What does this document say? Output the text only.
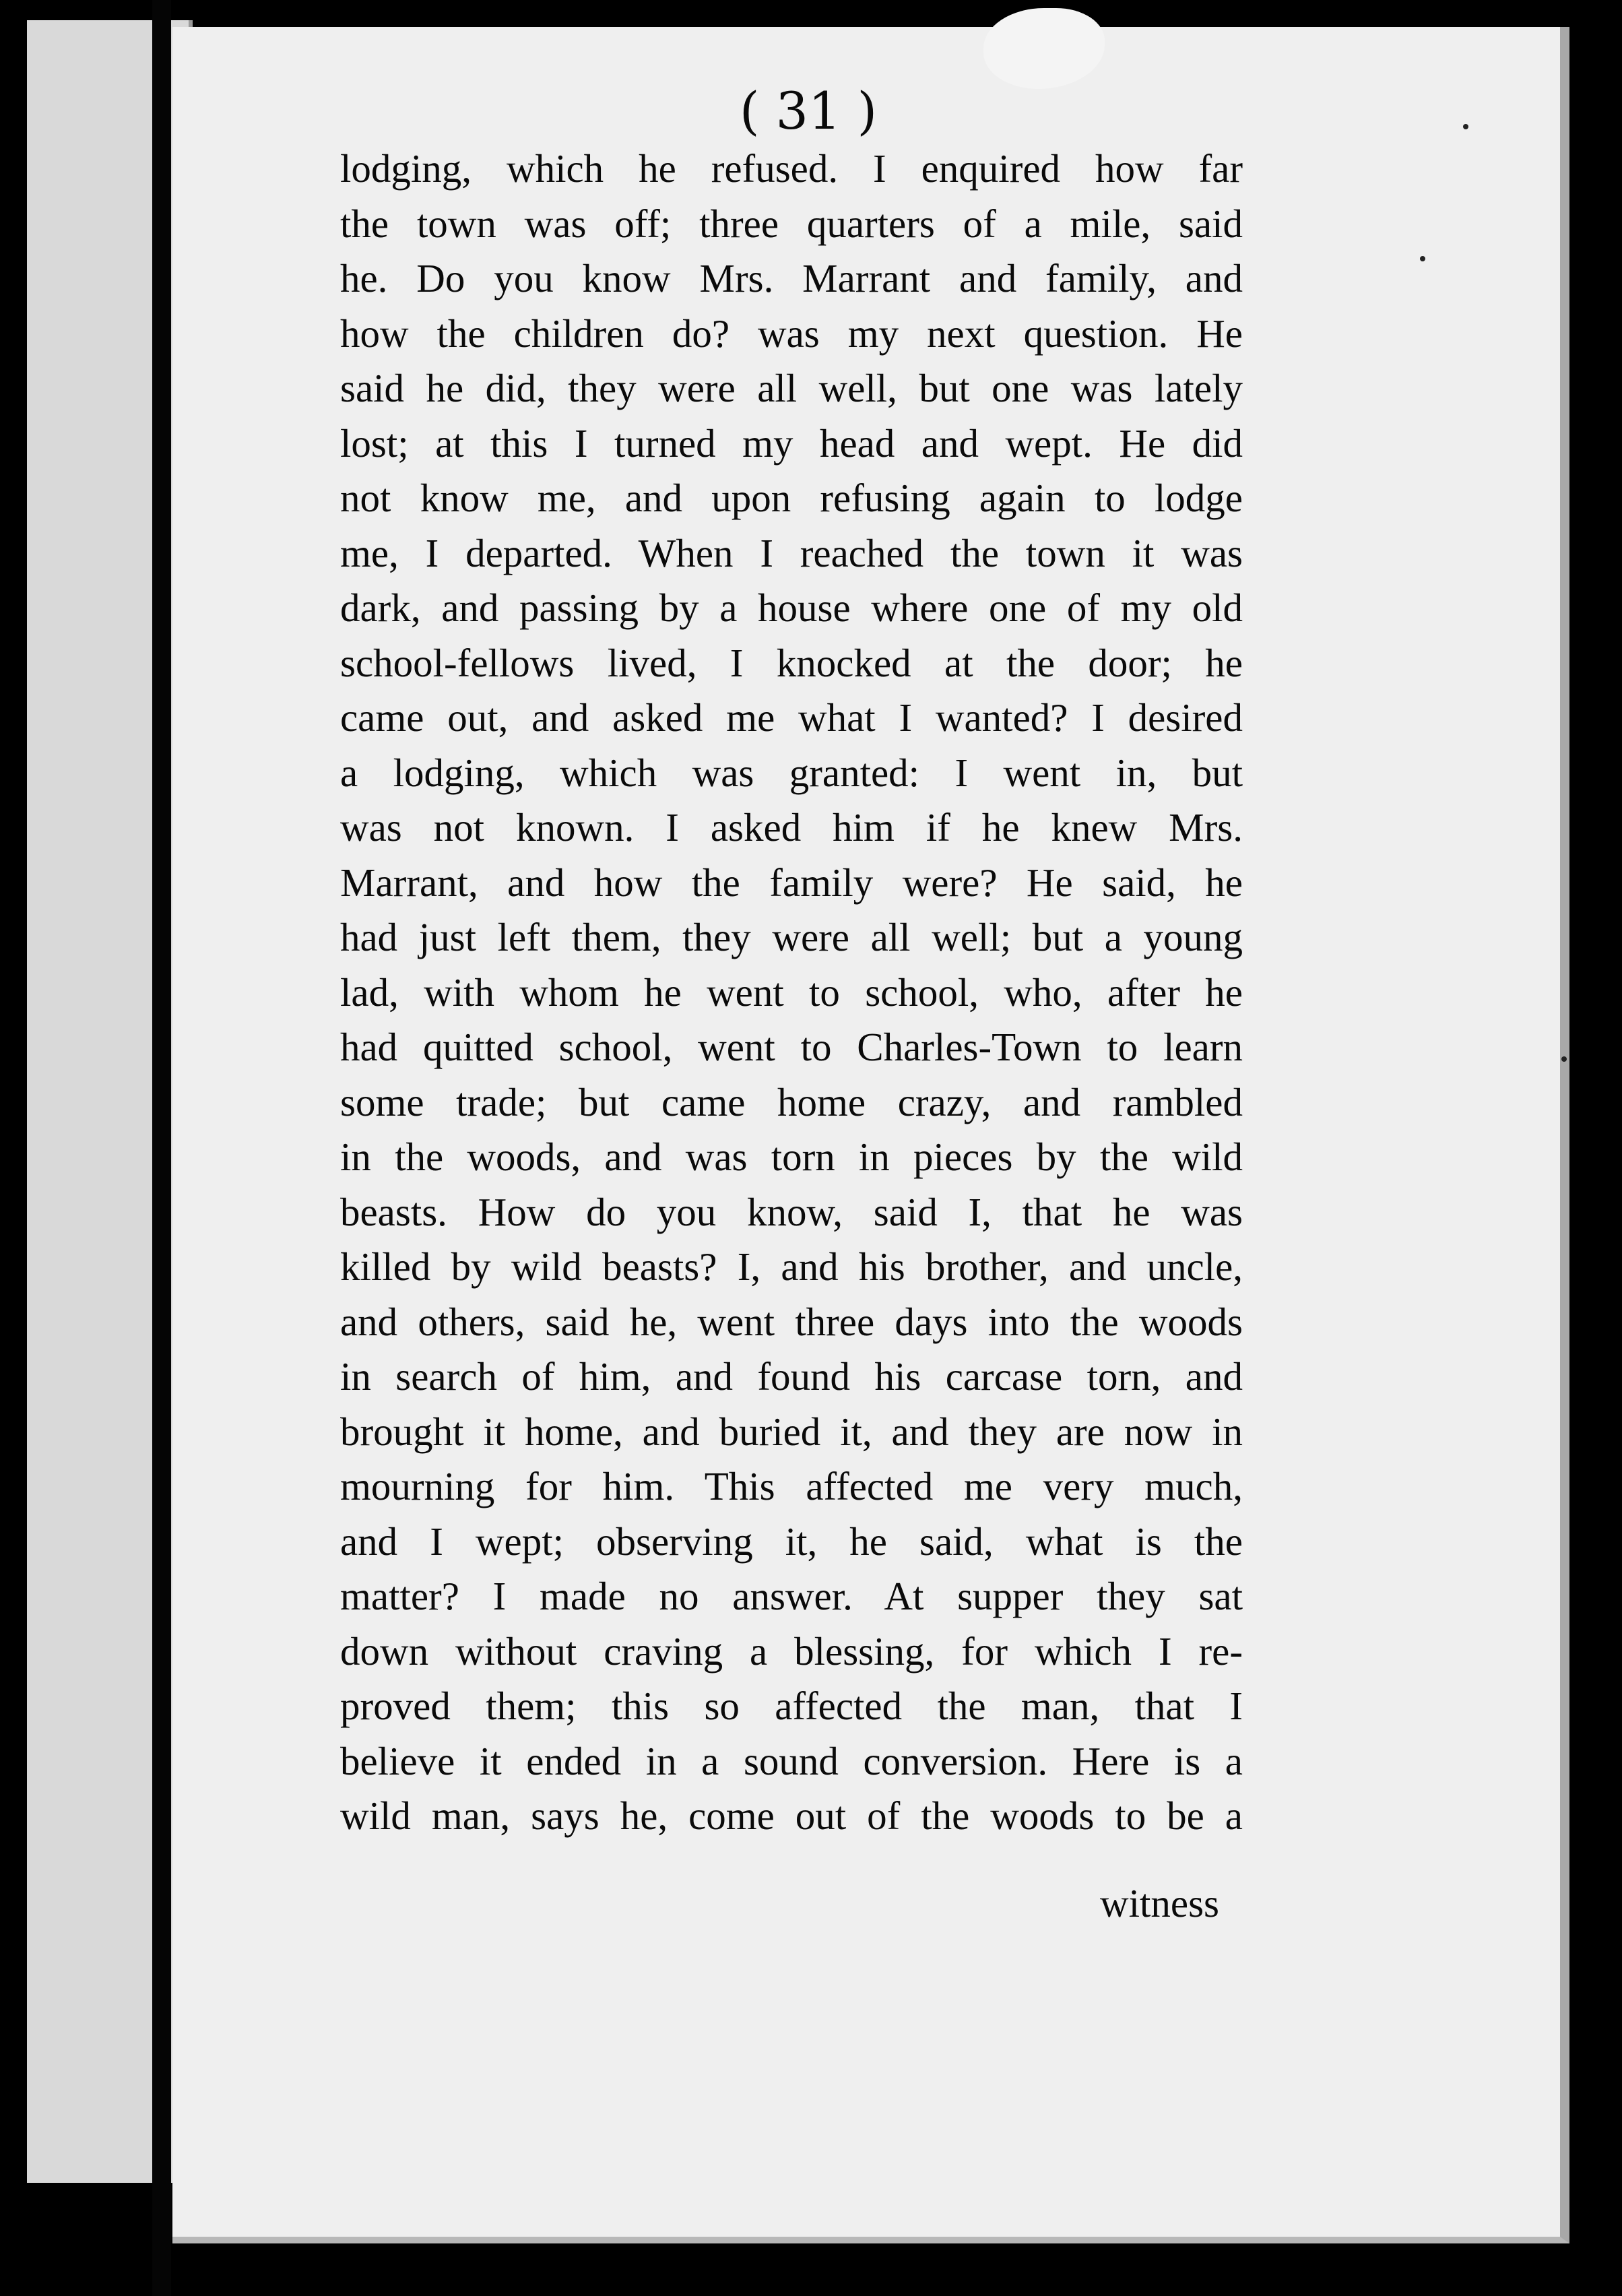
( 31 )
lodging, which he refused. I enquired how far
the town was off; three quarters of a mile, said
he. Do you know Mrs. Marrant and family, and
how the children do? was my next question. He
said he did, they were all well, but one was lately
lost; at this I turned my head and wept. He did
not know me, and upon refusing again to lodge
me, I departed. When I reached the town it was
dark, and passing by a house where one of my old
school-fellows lived, I knocked at the door; he
came out, and asked me what I wanted? I desired
a lodging, which was granted: I went in, but
was not known. I asked him if he knew Mrs.
Marrant, and how the family were? He said, he
had just left them, they were all well; but a young
lad, with whom he went to school, who, after he
had quitted school, went to Charles-Town to learn
some trade; but came home crazy, and rambled
in the woods, and was torn in pieces by the wild
beasts. How do you know, said I, that he was
killed by wild beasts? I, and his brother, and uncle,
and others, said he, went three days into the woods
in search of him, and found his carcase torn, and
brought it home, and buried it, and they are now in
mourning for him. This affected me very much,
and I wept; observing it, he said, what is the
matter? I made no answer. At supper they sat
down without craving a blessing, for which I re-
proved them; this so affected the man, that I
believe it ended in a sound conversion. Here is a
wild man, says he, come out of the woods to be a
witness
